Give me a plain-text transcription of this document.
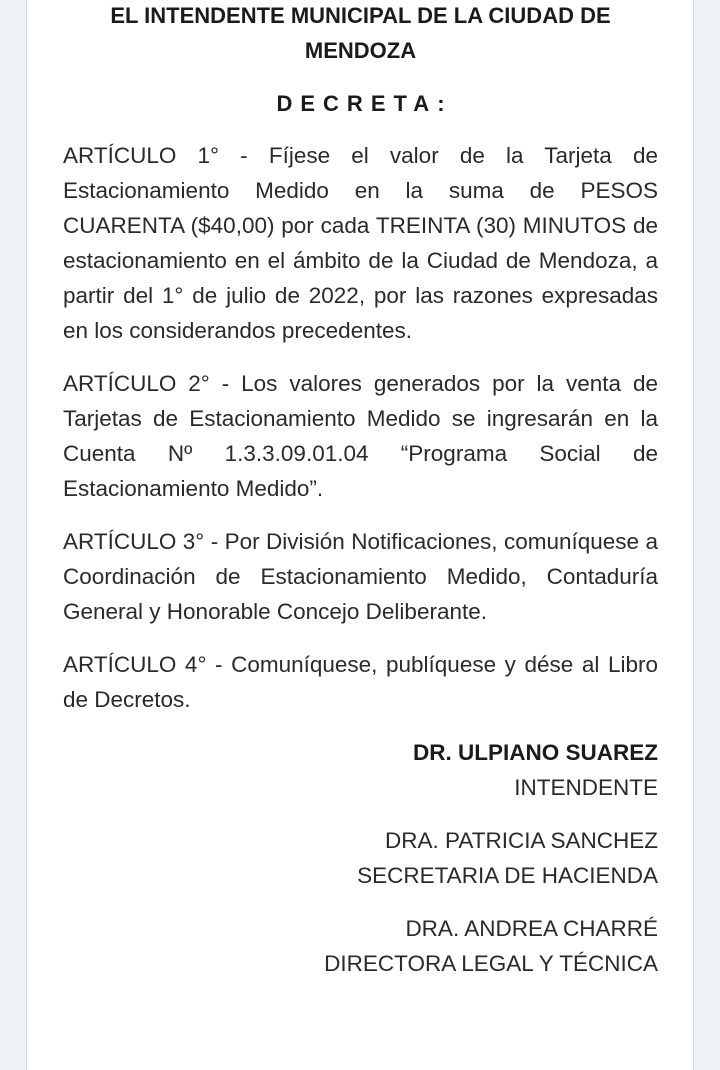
EL INTENDENTE MUNICIPAL DE LA CIUDAD DE MENDOZA
DECRETA:

ARTÍCULO 1° - Fíjese el valor de la Tarjeta de Estacionamiento Medido en la suma de PESOS CUARENTA ($40,00) por cada TREINTA (30) MINUTOS de estacionamiento en el ámbito de la Ciudad de Mendoza, a partir del 1° de julio de 2022, por las razones expresadas en los considerandos precedentes.

ARTÍCULO 2° - Los valores generados por la venta de Tarjetas de Estacionamiento Medido se ingresarán en la Cuenta Nº 1.3.3.09.01.04 “Programa Social de Estacionamiento Medido”.

ARTÍCULO 3° - Por División Notificaciones, comuníquese a Coordinación de Estacionamiento Medido, Contaduría General y Honorable Concejo Deliberante.

ARTÍCULO 4° - Comuníquese, publíquese y dése al Libro de Decretos.

DR. ULPIANO SUAREZ
INTENDENTE
DRA. PATRICIA SANCHEZ
SECRETARIA DE HACIENDA
DRA. ANDREA CHARRÉ
DIRECTORA LEGAL Y TÉCNICA
